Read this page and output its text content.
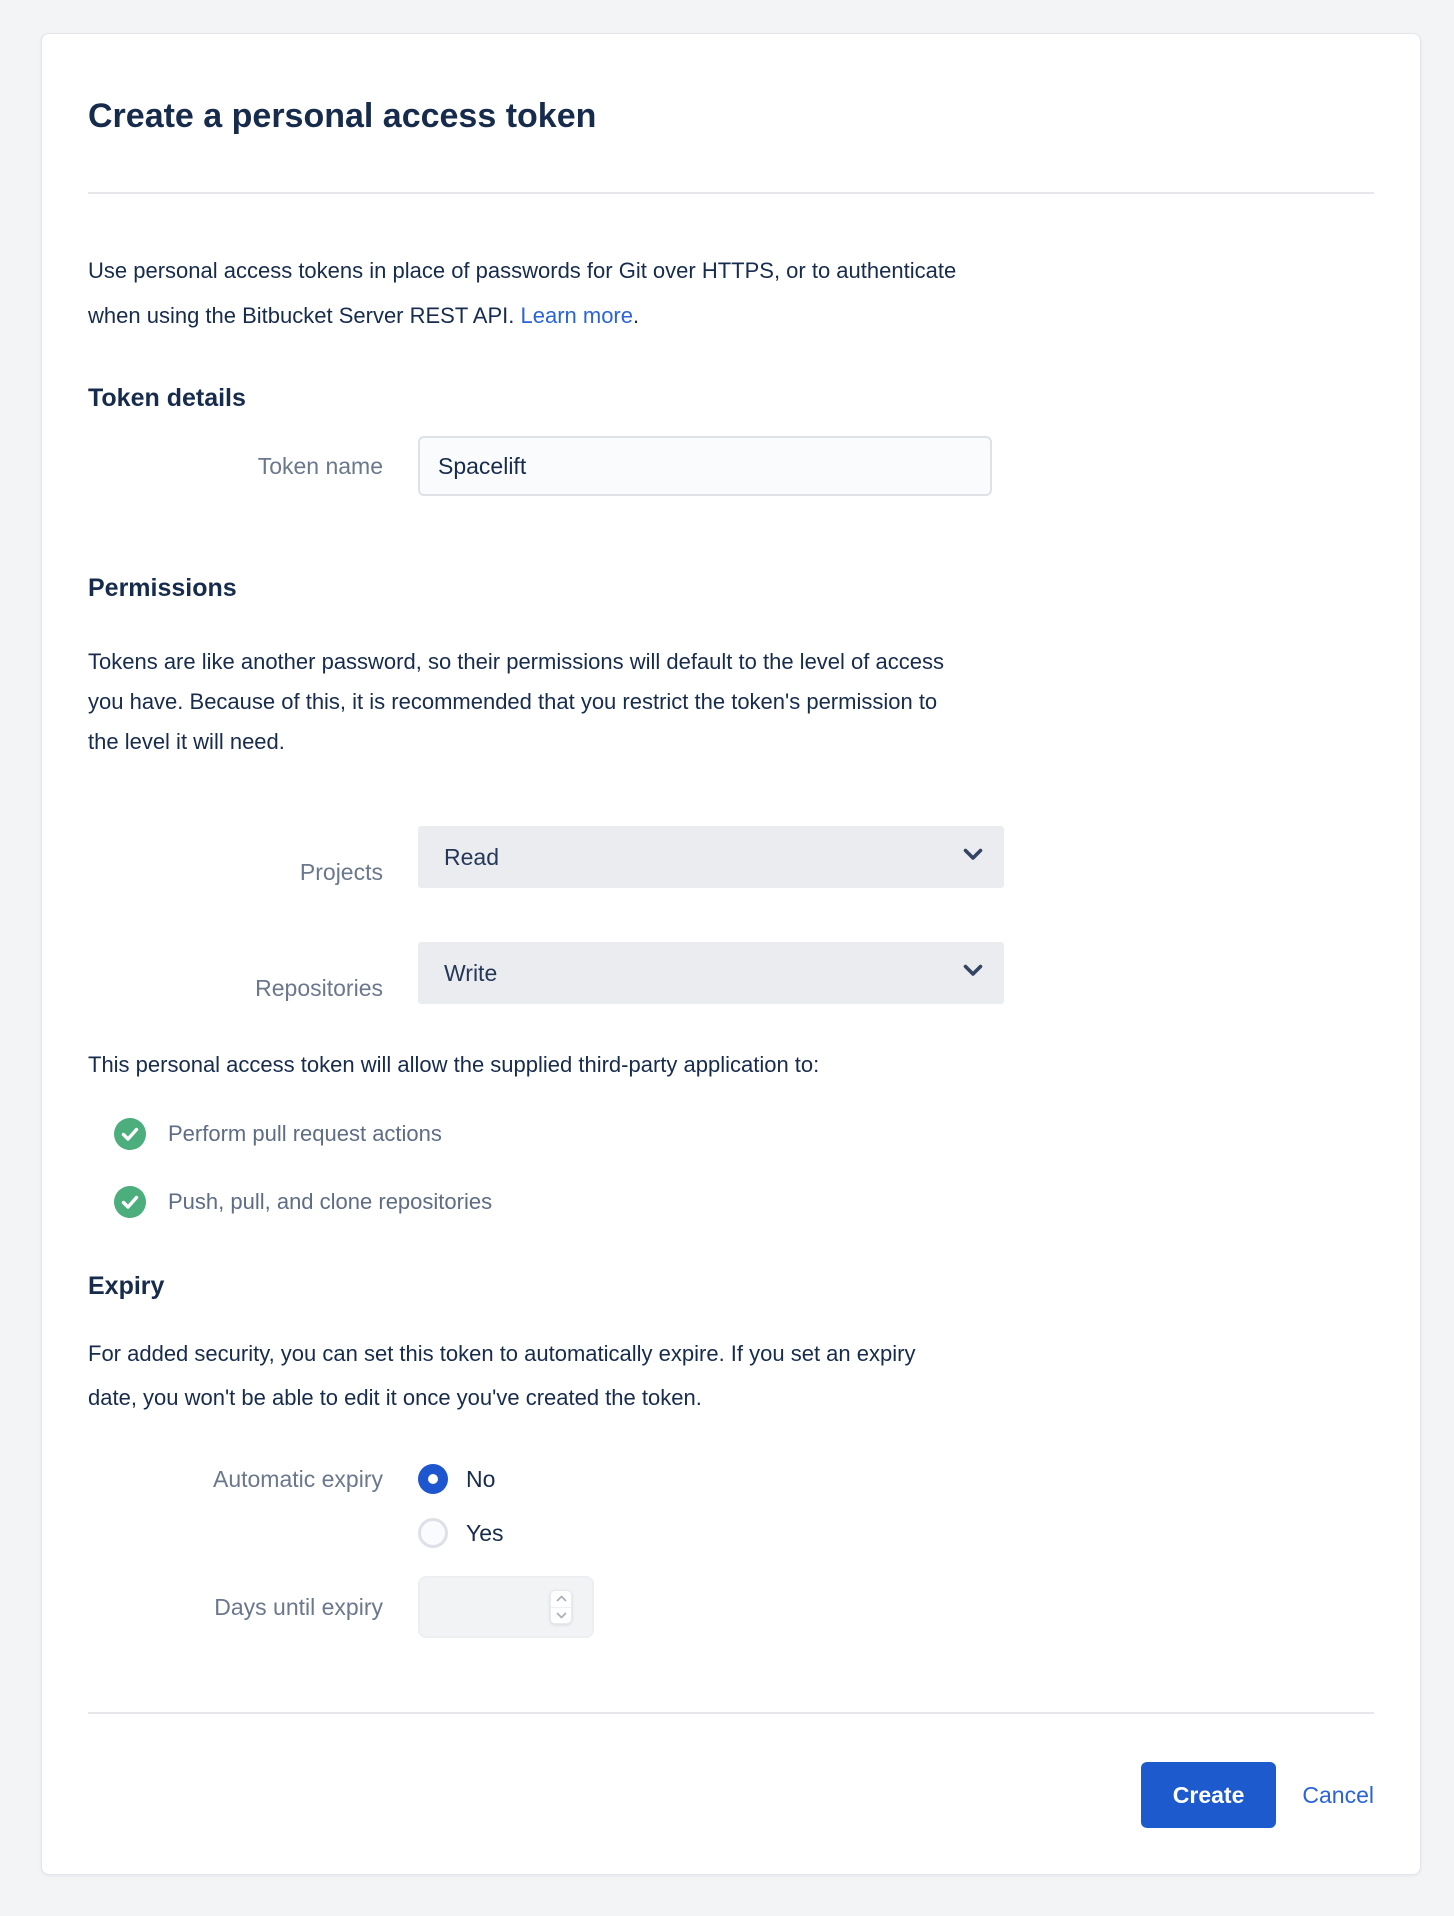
Create a personal access token
Use personal access tokens in place of passwords for Git over HTTPS, or to authenticate
when using the Bitbucket Server REST API. Learn more.
Token details
Token name
Spacelift
Permissions
Tokens are like another password, so their permissions will default to the level of access
you have. Because of this, it is recommended that you restrict the token's permission to
the level it will need.
Projects
Read
Repositories
Write
This personal access token will allow the supplied third-party application to:
Perform pull request actions
Push, pull, and clone repositories
Expiry
For added security, you can set this token to automatically expire. If you set an expiry
date, you won't be able to edit it once you've created the token.
Automatic expiry	No
Yes
Days until expiry
Create	Cancel
